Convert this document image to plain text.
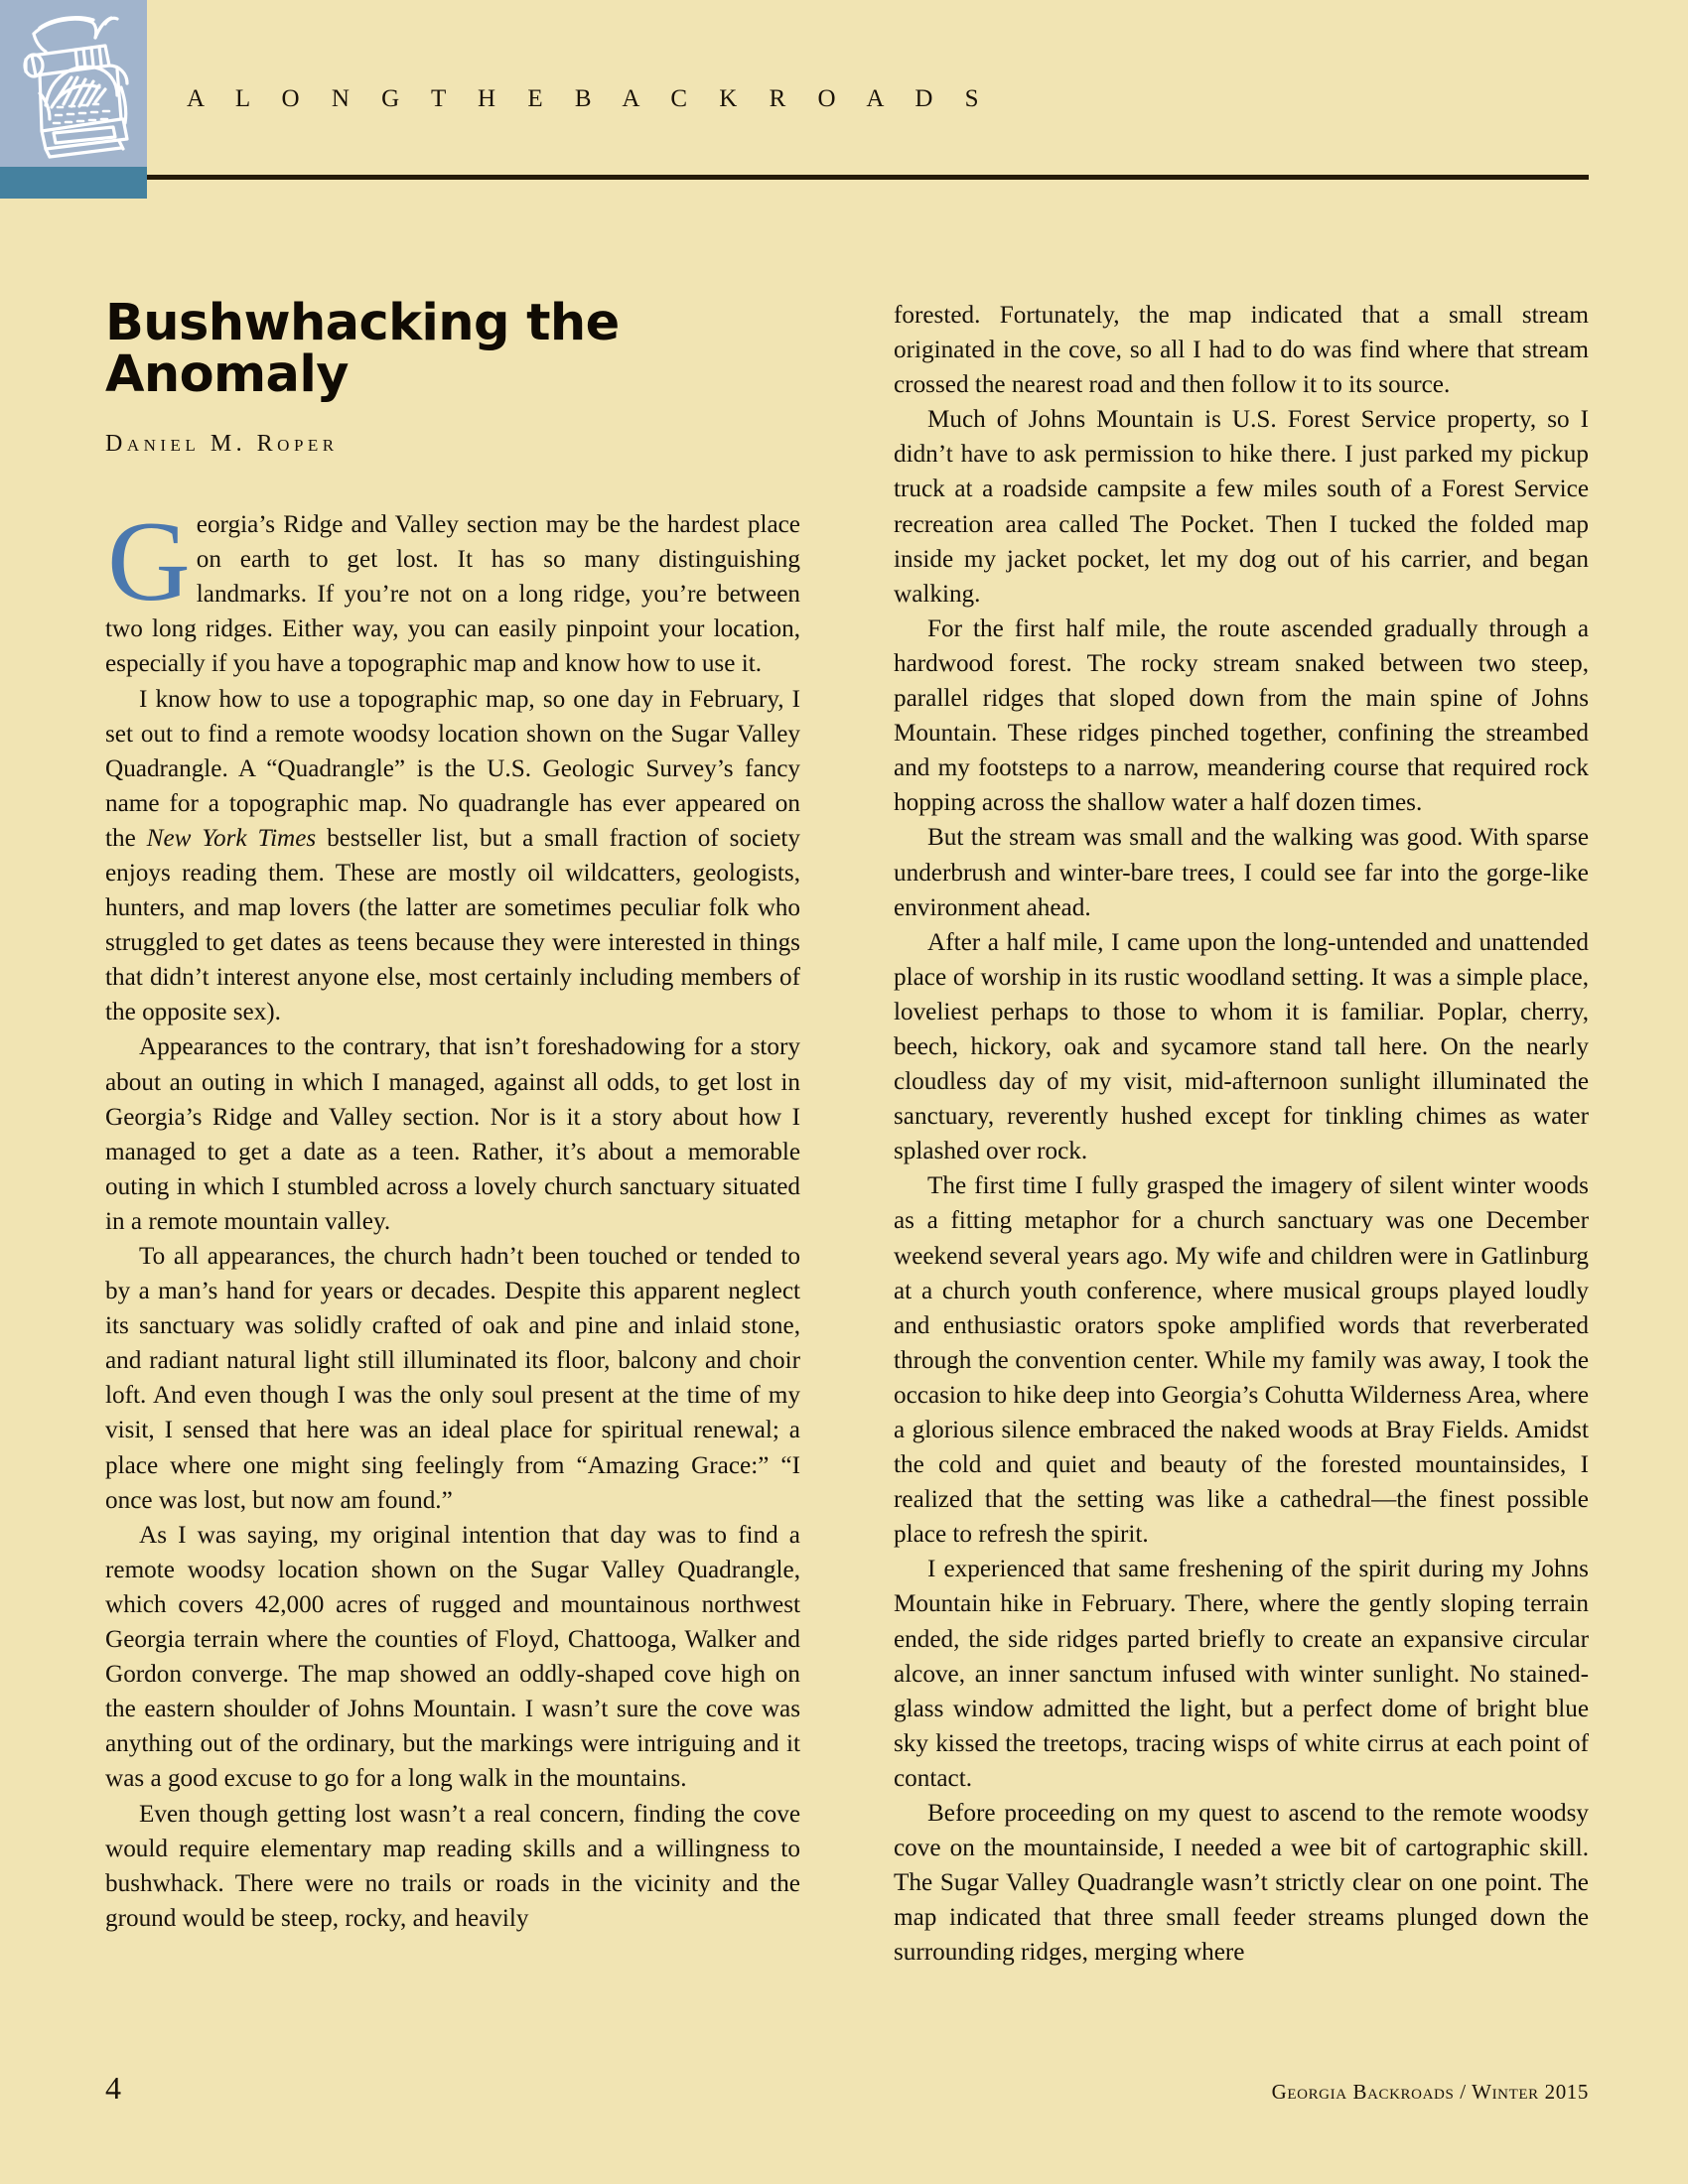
A L O N G T H E B A C K R O A D S
Bushwhacking the Anomaly
Daniel M. Roper

Georgia’s Ridge and Valley section may be the hardest place on earth to get lost. It has so many distinguishing landmarks. If you’re not on a long ridge, you’re between two long ridges. Either way, you can easily pinpoint your location, especially if you have a topographic map and know how to use it.

I know how to use a topographic map, so one day in February, I set out to find a remote woodsy location shown on the Sugar Valley Quadrangle. A “Quadrangle” is the U.S. Geologic Survey’s fancy name for a topographic map. No quadrangle has ever appeared on the New York Times bestseller list, but a small fraction of society enjoys reading them. These are mostly oil wildcatters, geologists, hunters, and map lovers (the latter are sometimes peculiar folk who struggled to get dates as teens because they were interested in things that didn’t interest anyone else, most certainly including members of the opposite sex).

Appearances to the contrary, that isn’t foreshadowing for a story about an outing in which I managed, against all odds, to get lost in Georgia’s Ridge and Valley section. Nor is it a story about how I managed to get a date as a teen. Rather, it’s about a memorable outing in which I stumbled across a lovely church sanctuary situated in a remote mountain valley.

To all appearances, the church hadn’t been touched or tended to by a man’s hand for years or decades. Despite this apparent neglect its sanctuary was solidly crafted of oak and pine and inlaid stone, and radiant natural light still illuminated its floor, balcony and choir loft. And even though I was the only soul present at the time of my visit, I sensed that here was an ideal place for spiritual renewal; a place where one might sing feelingly from “Amazing Grace:” “I once was lost, but now am found.”

As I was saying, my original intention that day was to find a remote woodsy location shown on the Sugar Valley Quadrangle, which covers 42,000 acres of rugged and mountainous northwest Georgia terrain where the counties of Floyd, Chattooga, Walker and Gordon converge. The map showed an oddly-shaped cove high on the eastern shoulder of Johns Mountain. I wasn’t sure the cove was anything out of the ordinary, but the markings were intriguing and it was a good excuse to go for a long walk in the mountains.

Even though getting lost wasn’t a real concern, finding the cove would require elementary map reading skills and a willingness to bushwhack. There were no trails or roads in the vicinity and the ground would be steep, rocky, and heavily

forested. Fortunately, the map indicated that a small stream originated in the cove, so all I had to do was find where that stream crossed the nearest road and then follow it to its source.

Much of Johns Mountain is U.S. Forest Service property, so I didn’t have to ask permission to hike there. I just parked my pickup truck at a roadside campsite a few miles south of a Forest Service recreation area called The Pocket. Then I tucked the folded map inside my jacket pocket, let my dog out of his carrier, and began walking.

For the first half mile, the route ascended gradually through a hardwood forest. The rocky stream snaked between two steep, parallel ridges that sloped down from the main spine of Johns Mountain. These ridges pinched together, confining the streambed and my footsteps to a narrow, meandering course that required rock hopping across the shallow water a half dozen times.

But the stream was small and the walking was good. With sparse underbrush and winter-bare trees, I could see far into the gorge-like environment ahead.

After a half mile, I came upon the long-untended and unattended place of worship in its rustic woodland setting. It was a simple place, loveliest perhaps to those to whom it is familiar. Poplar, cherry, beech, hickory, oak and sycamore stand tall here. On the nearly cloudless day of my visit, mid-afternoon sunlight illuminated the sanctuary, reverently hushed except for tinkling chimes as water splashed over rock.

The first time I fully grasped the imagery of silent winter woods as a fitting metaphor for a church sanctuary was one December weekend several years ago. My wife and children were in Gatlinburg at a church youth conference, where musical groups played loudly and enthusiastic orators spoke amplified words that reverberated through the convention center. While my family was away, I took the occasion to hike deep into Georgia’s Cohutta Wilderness Area, where a glorious silence embraced the naked woods at Bray Fields. Amidst the cold and quiet and beauty of the forested mountainsides, I realized that the setting was like a cathedral—the finest possible place to refresh the spirit.

I experienced that same freshening of the spirit during my Johns Mountain hike in February. There, where the gently sloping terrain ended, the side ridges parted briefly to create an expansive circular alcove, an inner sanctum infused with winter sunlight. No stained-glass window admitted the light, but a perfect dome of bright blue sky kissed the treetops, tracing wisps of white cirrus at each point of contact.

Before proceeding on my quest to ascend to the remote woodsy cove on the mountainside, I needed a wee bit of cartographic skill. The Sugar Valley Quadrangle wasn’t strictly clear on one point. The map indicated that three small feeder streams plunged down the surrounding ridges, merging where

4	Georgia Backroads / Winter 2015
